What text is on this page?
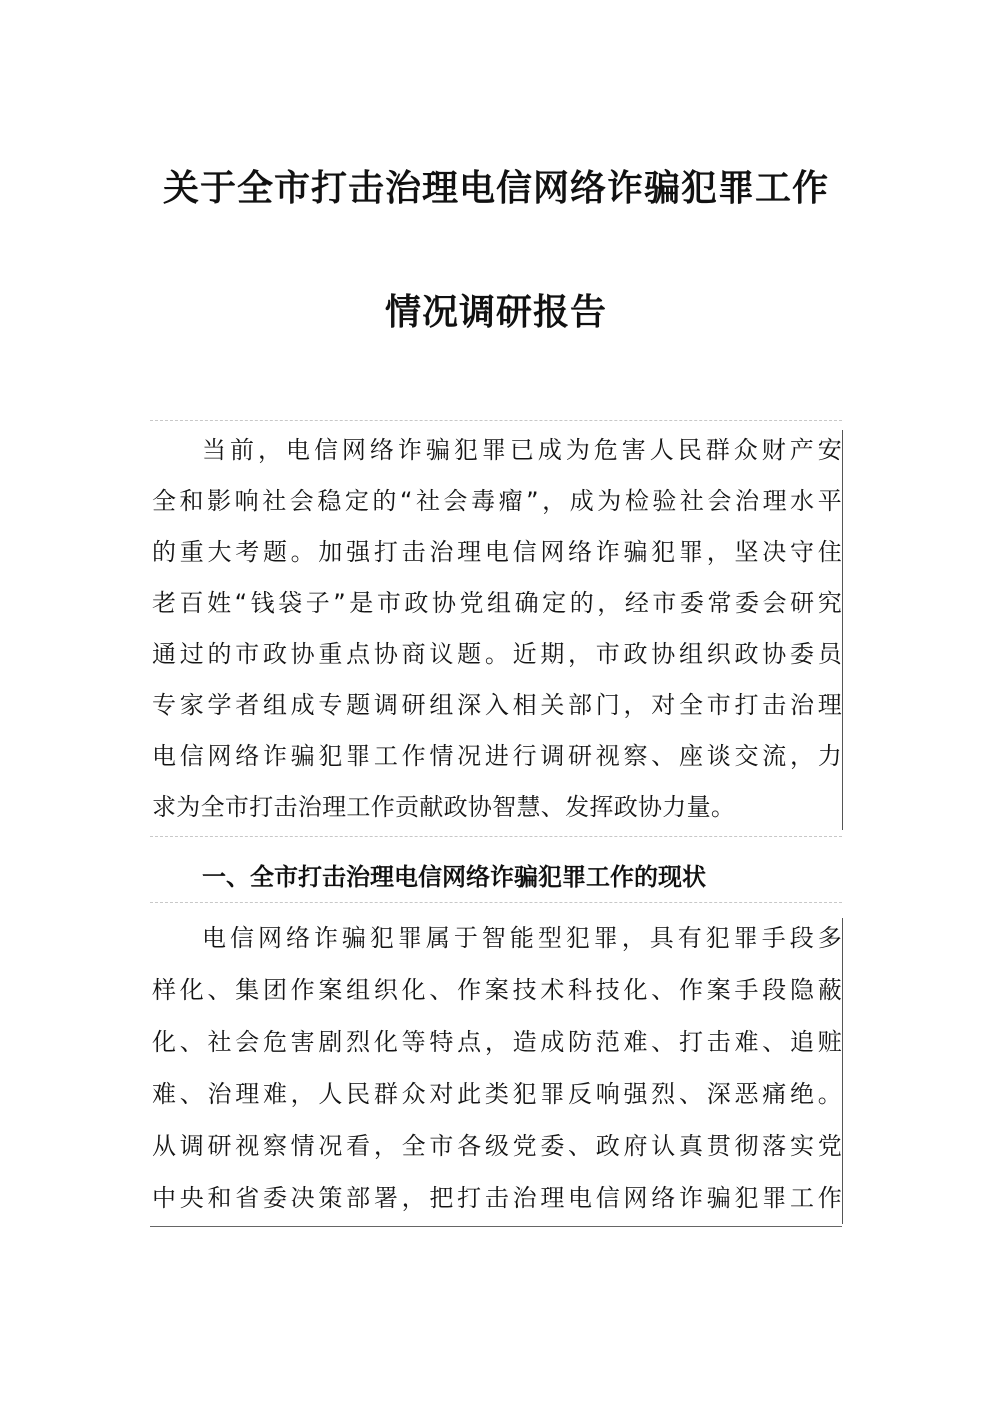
关于全市打击治理电信网络诈骗犯罪工作
情况调研报告
当前，电信网络诈骗犯罪已成为危害人民群众财产安
全和影响社会稳定的“社会毒瘤”，成为检验社会治理水平
的重大考题。加强打击治理电信网络诈骗犯罪，坚决守住
老百姓“钱袋子”是市政协党组确定的，经市委常委会研究
通过的市政协重点协商议题。近期，市政协组织政协委员
专家学者组成专题调研组深入相关部门，对全市打击治理
电信网络诈骗犯罪工作情况进行调研视察、座谈交流，力
求为全市打击治理工作贡献政协智慧、发挥政协力量。
一、全市打击治理电信网络诈骗犯罪工作的现状
电信网络诈骗犯罪属于智能型犯罪，具有犯罪手段多
样化、集团作案组织化、作案技术科技化、作案手段隐蔽
化、社会危害剧烈化等特点，造成防范难、打击难、追赃
难、治理难，人民群众对此类犯罪反响强烈、深恶痛绝。
从调研视察情况看，全市各级党委、政府认真贯彻落实党
中央和省委决策部署，把打击治理电信网络诈骗犯罪工作
